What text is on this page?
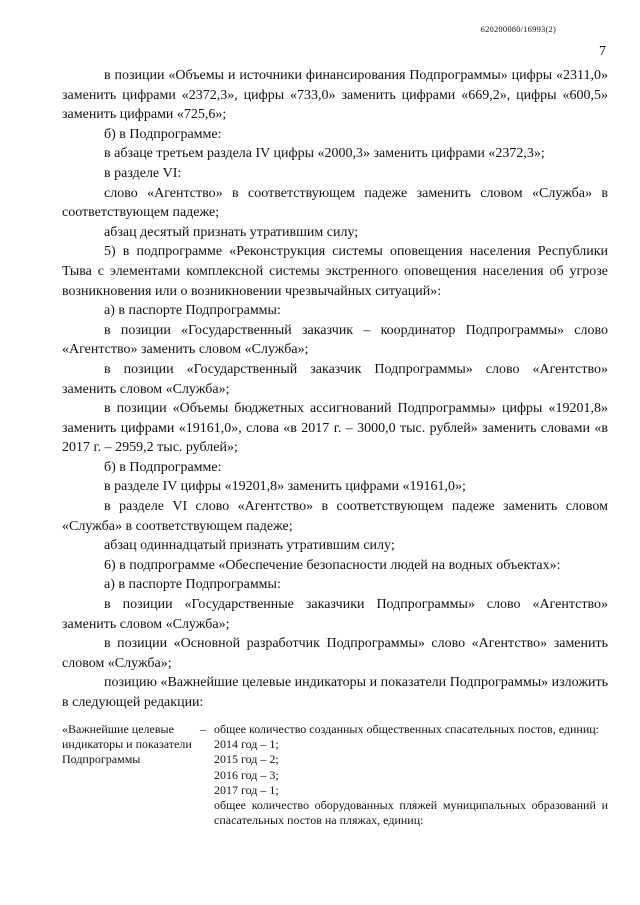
620200080/16993(2)
7

в позиции «Объемы и источники финансирования Подпрограммы» цифры «2311,0» заменить цифрами «2372,3», цифры «733,0» заменить цифрами «669,2», цифры «600,5» заменить цифрами «725,6»;

б) в Подпрограмме:

в абзаце третьем раздела IV цифры «2000,3» заменить цифрами «2372,3»;

в разделе VI:

слово «Агентство» в соответствующем падеже заменить словом «Служба» в соответствующем падеже;

абзац десятый признать утратившим силу;

5) в подпрограмме «Реконструкция системы оповещения населения Республики Тыва с элементами комплексной системы экстренного оповещения населения об угрозе возникновения или о возникновении чрезвычайных ситуаций»:

а) в паспорте Подпрограммы:

в позиции «Государственный заказчик – координатор Подпрограммы» слово «Агентство» заменить словом «Служба»;

в позиции «Государственный заказчик Подпрограммы» слово «Агентство» заменить словом «Служба»;

в позиции «Объемы бюджетных ассигнований Подпрограммы» цифры «19201,8» заменить цифрами «19161,0», слова «в 2017 г. – 3000,0 тыс. рублей» заменить словами «в 2017 г. – 2959,2 тыс. рублей»;

б) в Подпрограмме:

в разделе IV цифры «19201,8» заменить цифрами «19161,0»;

в разделе VI слово «Агентство» в соответствующем падеже заменить словом «Служба» в соответствующем падеже;

абзац одиннадцатый признать утратившим силу;

6) в подпрограмме «Обеспечение безопасности людей на водных объектах»:

а) в паспорте Подпрограммы:

в позиции «Государственные заказчики Подпрограммы» слово «Агентство» заменить словом «Служба»;

в позиции «Основной разработчик Подпрограммы» слово «Агентство» заменить словом «Служба»;

позицию «Важнейшие целевые индикаторы и показатели Подпрограммы» изложить в следующей редакции:

«Важнейшие целевые индикаторы и показатели Подпрограммы
– общее количество созданных общественных спасательных постов, единиц:
2014 год – 1;
2015 год – 2;
2016 год – 3;
2017 год – 1;
общее количество оборудованных пляжей муниципальных образований и спасательных постов на пляжах, единиц:
